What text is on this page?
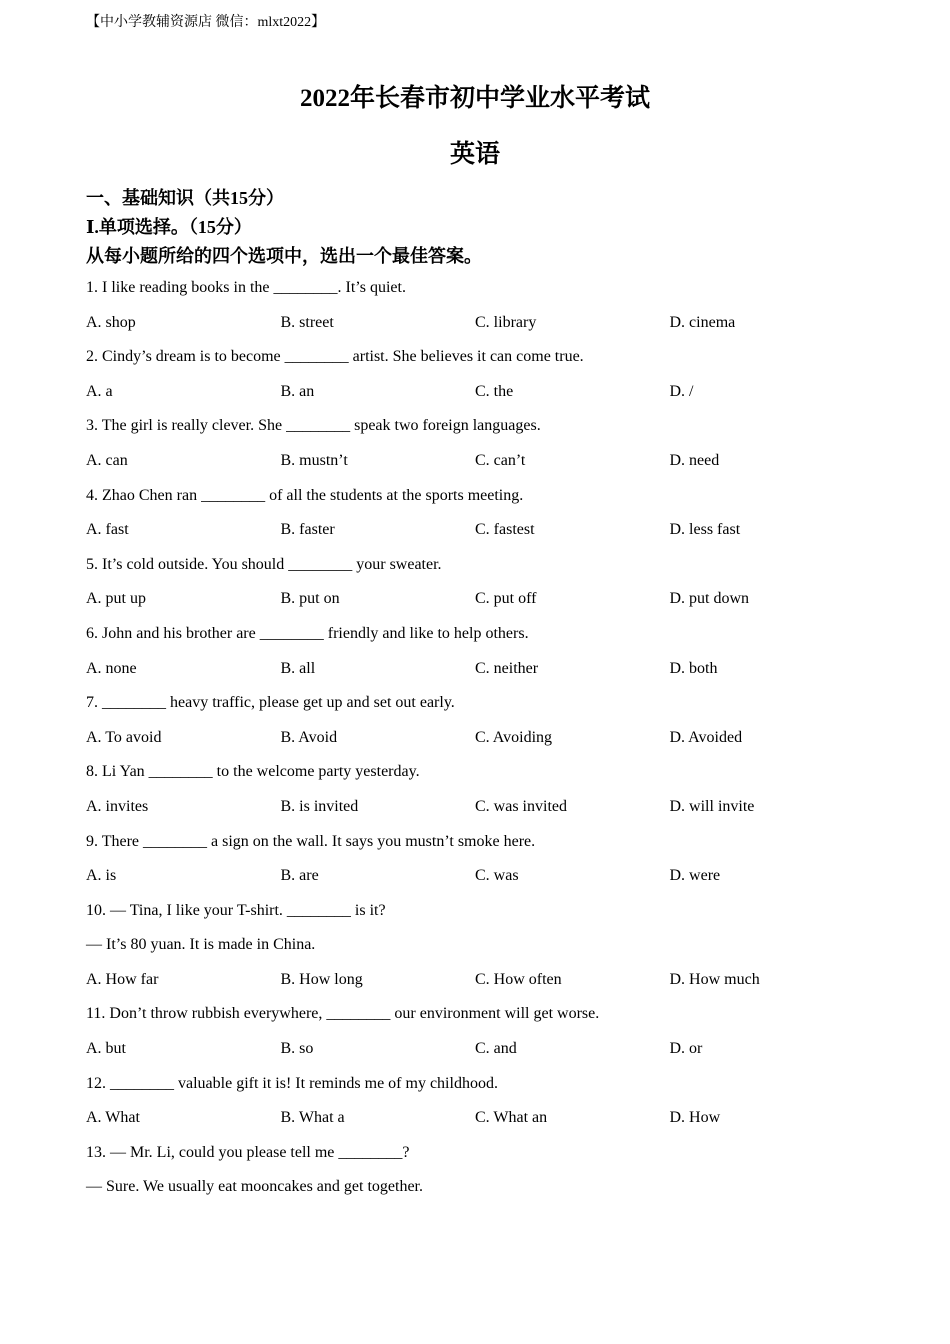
【中小学教辅资源店 微信：mlxt2022】
2022年长春市初中学业水平考试
英语
一、基础知识（共15分）
Ⅰ.单项选择。（15分）
从每小题所给的四个选项中，选出一个最佳答案。
1. I like reading books in the ________. It’s quiet.
A. shop	B. street	C. library	D. cinema
2. Cindy’s dream is to become ________ artist. She believes it can come true.
A. a	B. an	C. the	D. /
3. The girl is really clever. She ________ speak two foreign languages.
A. can	B. mustn’t	C. can’t	D. need
4. Zhao Chen ran ________ of all the students at the sports meeting.
A. fast	B. faster	C. fastest	D. less fast
5. It’s cold outside. You should ________ your sweater.
A. put up	B. put on	C. put off	D. put down
6. John and his brother are ________ friendly and like to help others.
A. none	B. all	C. neither	D. both
7. ________ heavy traffic, please get up and set out early.
A. To avoid	B. Avoid	C. Avoiding	D. Avoided
8. Li Yan ________ to the welcome party yesterday.
A. invites	B. is invited	C. was invited	D. will invite
9. There ________ a sign on the wall. It says you mustn’t smoke here.
A. is	B. are	C. was	D. were
10. — Tina, I like your T-shirt. ________ is it?
— It’s 80 yuan. It is made in China.
A. How far	B. How long	C. How often	D. How much
11. Don’t throw rubbish everywhere, ________ our environment will get worse.
A. but	B. so	C. and	D. or
12. ________ valuable gift it is! It reminds me of my childhood.
A. What	B. What a	C. What an	D. How
13. — Mr. Li, could you please tell me ________?
— Sure. We usually eat mooncakes and get together.
